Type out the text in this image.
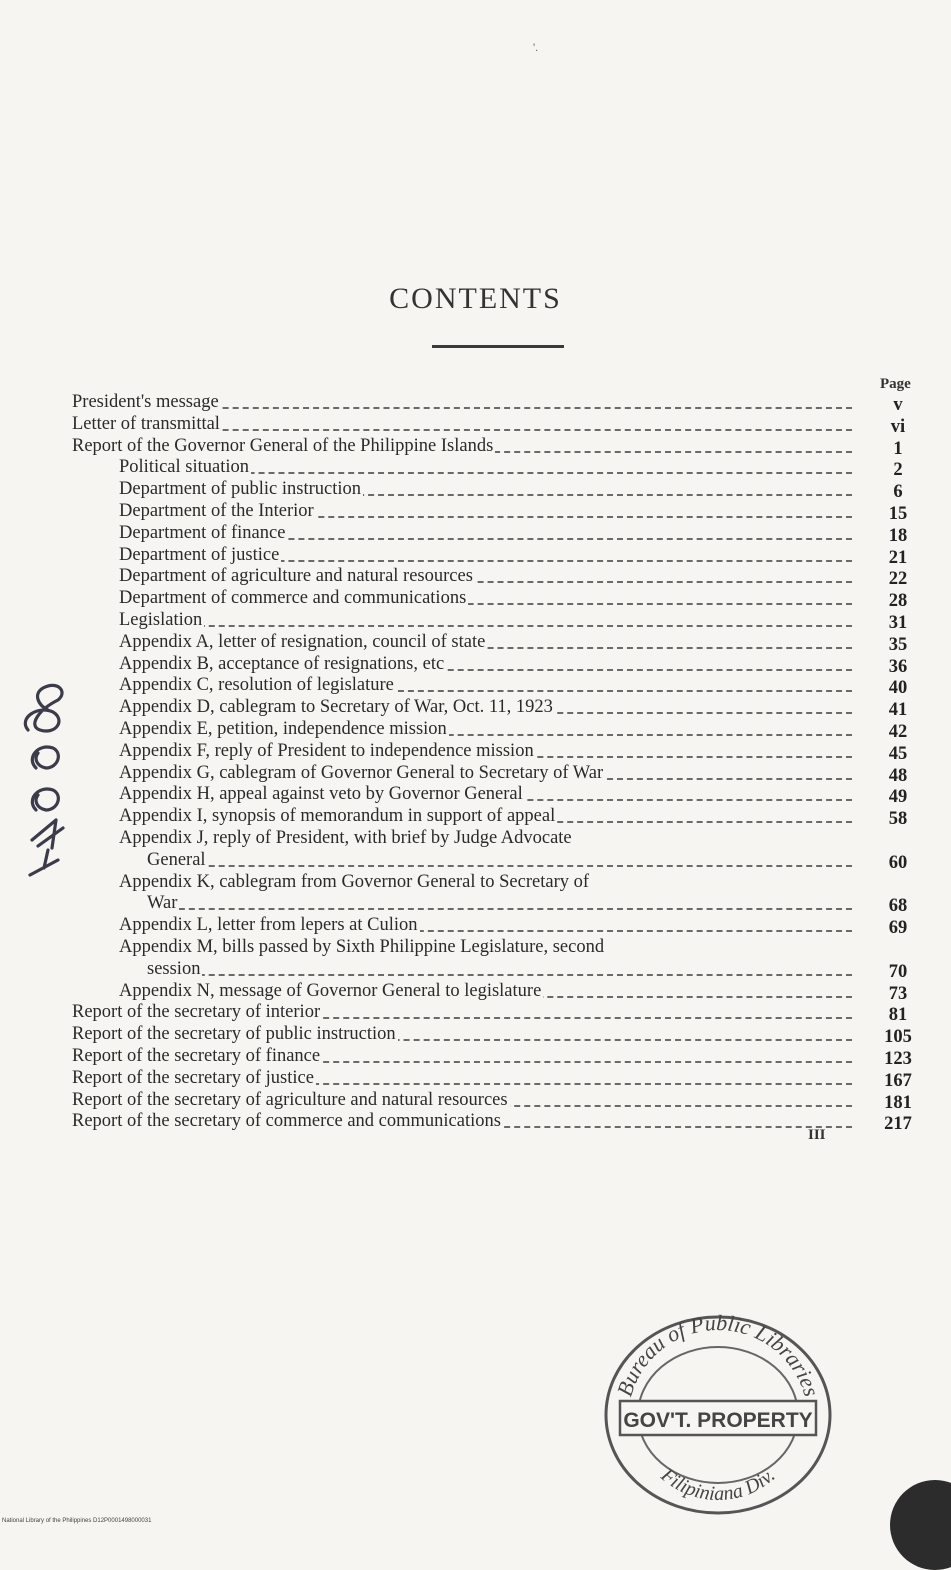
'.
CONTENTS
Page
President's message	v
Letter of transmittal	vi
Report of the Governor General of the Philippine Islands	1
Political situation	2
Department of public instruction	6
Department of the Interior	15
Department of finance	18
Department of justice	21
Department of agriculture and natural resources	22
Department of commerce and communications	28
Legislation	31
Appendix A, letter of resignation, council of state	35
Appendix B, acceptance of resignations, etc	36
Appendix C, resolution of legislature	40
Appendix D, cablegram to Secretary of War, Oct. 11, 1923	41
Appendix E, petition, independence mission	42
Appendix F, reply of President to independence mission	45
Appendix G, cablegram of Governor General to Secretary of War	48
Appendix H, appeal against veto by Governor General	49
Appendix I, synopsis of memorandum in support of appeal	58
Appendix J, reply of President, with brief by Judge Advocate
General	60
Appendix K, cablegram from Governor General to Secretary of
War	68
Appendix L, letter from lepers at Culion	69
Appendix M, bills passed by Sixth Philippine Legislature, second
session	70
Appendix N, message of Governor General to legislature	73
Report of the secretary of interior	81
Report of the secretary of public instruction	105
Report of the secretary of finance	123
Report of the secretary of justice	167
Report of the secretary of agriculture and natural resources	181
Report of the secretary of commerce and communications	217
III
Bureau of Public Libraries
GOV'T. PROPERTY
Filipiniana Div.
National Library of the Philippines D12P0001498000031
